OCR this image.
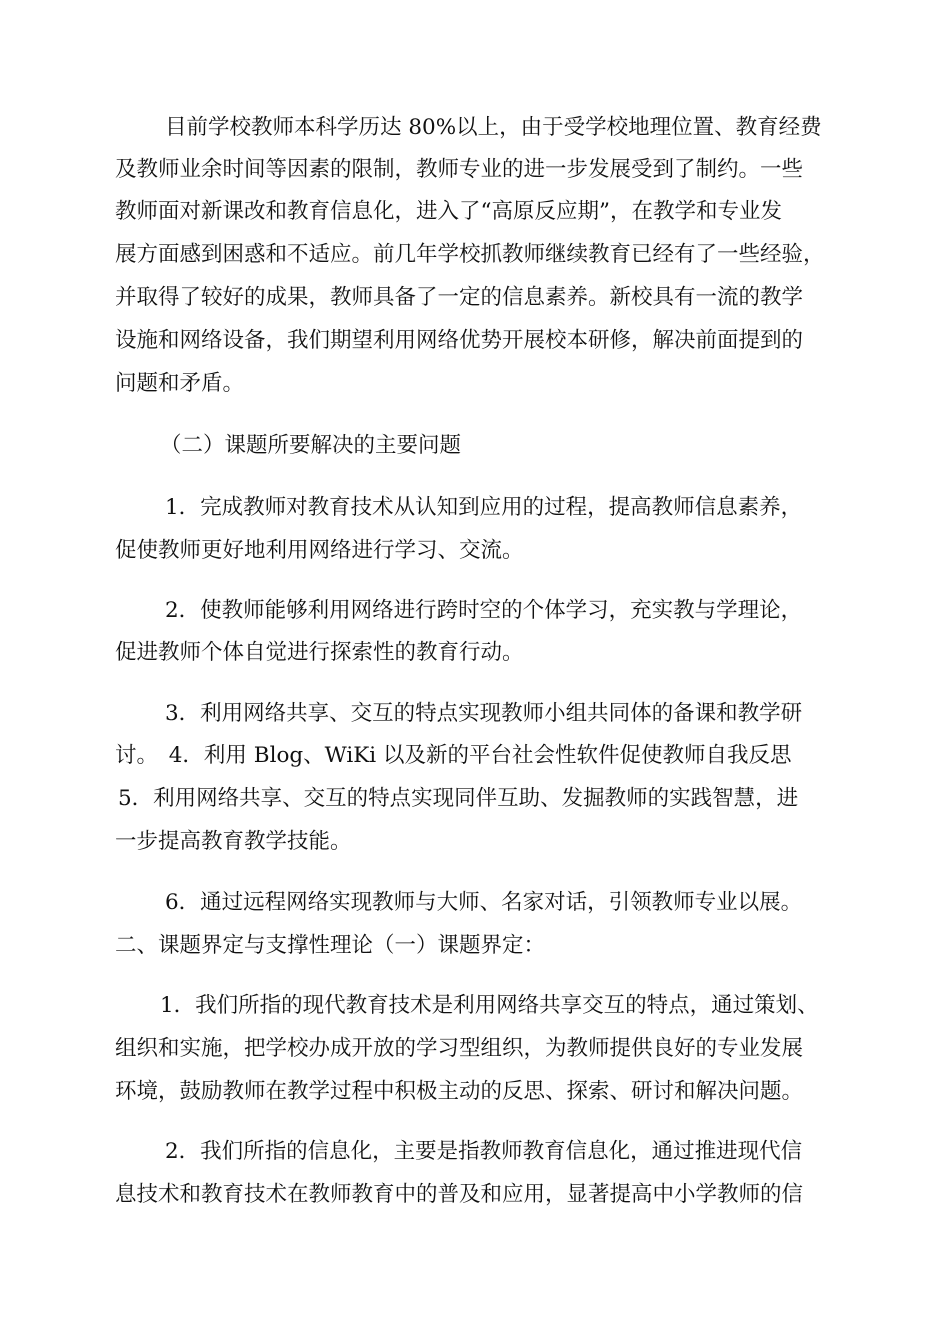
目前学校教师本科学历达 80%以上，由于受学校地理位置、教育经费
及教师业余时间等因素的限制，教师专业的进一步发展受到了制约。一些
教师面对新课改和教育信息化，进入了“高原反应期”，在教学和专业发
展方面感到困惑和不适应。前几年学校抓教师继续教育已经有了一些经验，
并取得了较好的成果，教师具备了一定的信息素养。新校具有一流的教学
设施和网络设备，我们期望利用网络优势开展校本研修，解决前面提到的
问题和矛盾。
（二）课题所要解决的主要问题
1．完成教师对教育技术从认知到应用的过程，提高教师信息素养，
促使教师更好地利用网络进行学习、交流。
2．使教师能够利用网络进行跨时空的个体学习，充实教与学理论，
促进教师个体自觉进行探索性的教育行动。
3．利用网络共享、交互的特点实现教师小组共同体的备课和教学研
讨。　4．利用 Blog、WiKi 以及新的平台社会性软件促使教师自我反思
5．利用网络共享、交互的特点实现同伴互助、发掘教师的实践智慧，进
一步提高教育教学技能。
6．通过远程网络实现教师与大师、名家对话，引领教师专业以展。
二、课题界定与支撑性理论（一）课题界定：
1．我们所指的现代教育技术是利用网络共享交互的特点，通过策划、
组织和实施，把学校办成开放的学习型组织，为教师提供良好的专业发展
环境，鼓励教师在教学过程中积极主动的反思、探索、研讨和解决问题。
2．我们所指的信息化，主要是指教师教育信息化，通过推进现代信
息技术和教育技术在教师教育中的普及和应用，显著提高中小学教师的信
